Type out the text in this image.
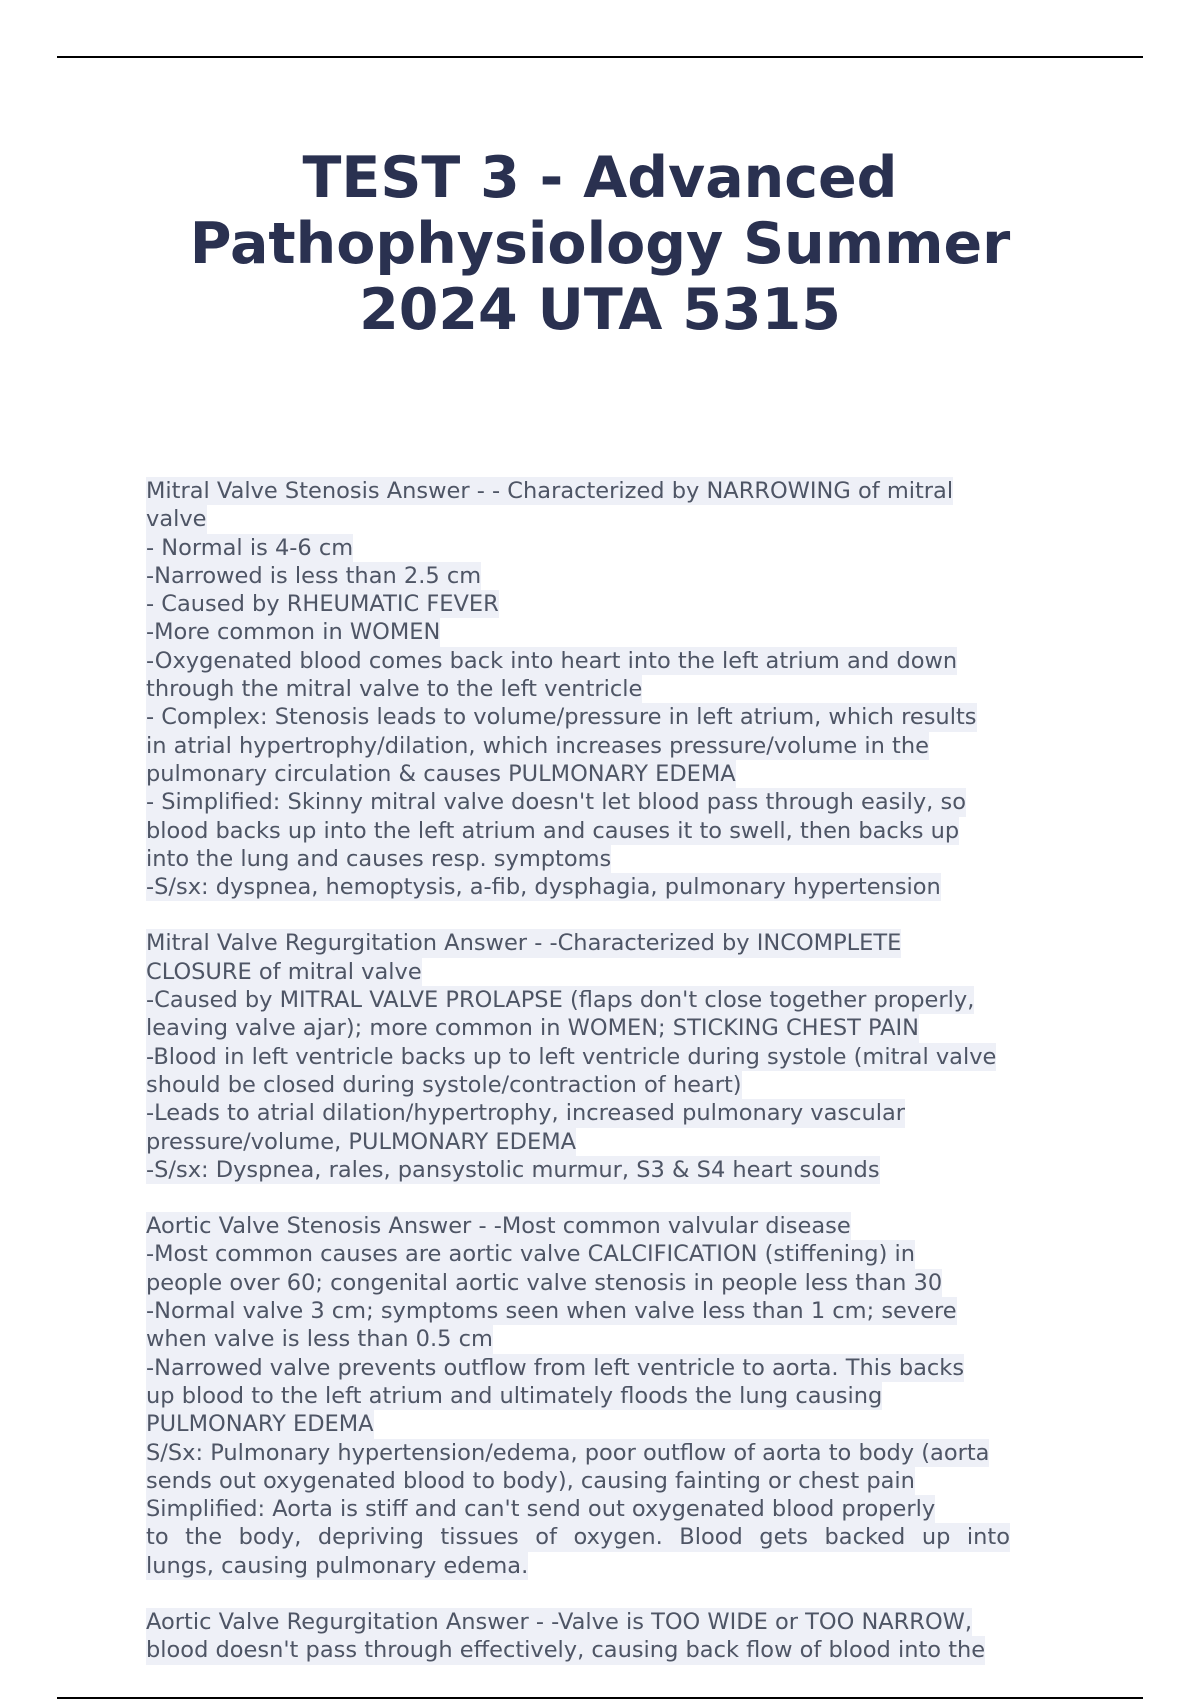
TEST 3 - Advanced
Pathophysiology Summer
2024 UTA 5315
Mitral Valve Stenosis Answer - - Characterized by NARROWING of mitral
valve
- Normal is 4-6 cm
-Narrowed is less than 2.5 cm
- Caused by RHEUMATIC FEVER
-More common in WOMEN
-Oxygenated blood comes back into heart into the left atrium and down
through the mitral valve to the left ventricle
- Complex: Stenosis leads to volume/pressure in left atrium, which results
in atrial hypertrophy/dilation, which increases pressure/volume in the
pulmonary circulation & causes PULMONARY EDEMA
- Simplified: Skinny mitral valve doesn't let blood pass through easily, so
blood backs up into the left atrium and causes it to swell, then backs up
into the lung and causes resp. symptoms
-S/sx: dyspnea, hemoptysis, a-fib, dysphagia, pulmonary hypertension
Mitral Valve Regurgitation Answer - -Characterized by INCOMPLETE
CLOSURE of mitral valve
-Caused by MITRAL VALVE PROLAPSE (flaps don't close together properly,
leaving valve ajar); more common in WOMEN; STICKING CHEST PAIN
-Blood in left ventricle backs up to left ventricle during systole (mitral valve
should be closed during systole/contraction of heart)
-Leads to atrial dilation/hypertrophy, increased pulmonary vascular
pressure/volume, PULMONARY EDEMA
-S/sx: Dyspnea, rales, pansystolic murmur, S3 & S4 heart sounds
Aortic Valve Stenosis Answer - -Most common valvular disease
-Most common causes are aortic valve CALCIFICATION (stiffening) in
people over 60; congenital aortic valve stenosis in people less than 30
-Normal valve 3 cm; symptoms seen when valve less than 1 cm; severe
when valve is less than 0.5 cm
-Narrowed valve prevents outflow from left ventricle to aorta. This backs
up blood to the left atrium and ultimately floods the lung causing
PULMONARY EDEMA
S/Sx: Pulmonary hypertension/edema, poor outflow of aorta to body (aorta
sends out oxygenated blood to body), causing fainting or chest pain
Simplified: Aorta is stiff and can't send out oxygenated blood properly
to the body, depriving tissues of oxygen. Blood gets backed up into
lungs, causing pulmonary edema.
Aortic Valve Regurgitation Answer - -Valve is TOO WIDE or TOO NARROW,
blood doesn't pass through effectively, causing back flow of blood into the
